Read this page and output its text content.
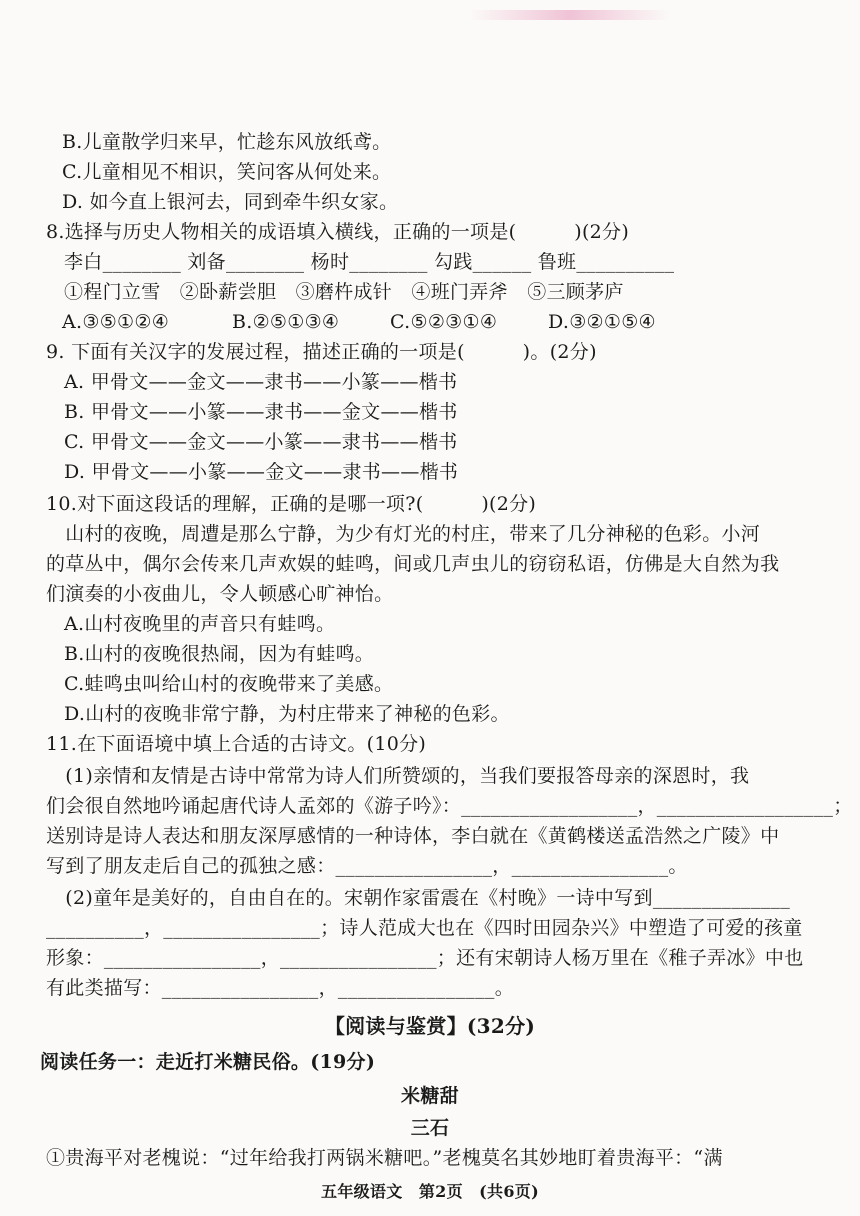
B.儿童散学归来早，忙趁东风放纸鸢。
C.儿童相见不相识，笑问客从何处来。
D. 如今直上银河去，同到牵牛织女家。
8.选择与历史人物相关的成语填入横线，正确的一项是(　　　)(2分)
李白________ 刘备________ 杨时________ 勾践______ 鲁班__________
①程门立雪　②卧薪尝胆　③磨杵成针　④班门弄斧　⑤三顾茅庐
A.③⑤①②④	B.②⑤①③④	C.⑤②③①④	D.③②①⑤④
9. 下面有关汉字的发展过程，描述正确的一项是(　　　)。(2分)
A. 甲骨文——金文——隶书——小篆——楷书
B. 甲骨文——小篆——隶书——金文——楷书
C. 甲骨文——金文——小篆——隶书——楷书
D. 甲骨文——小篆——金文——隶书——楷书
10.对下面这段话的理解，正确的是哪一项?(　　　)(2分)
　山村的夜晚，周遭是那么宁静，为少有灯光的村庄，带来了几分神秘的色彩。小河
的草丛中，偶尔会传来几声欢娱的蛙鸣，间或几声虫儿的窃窃私语，仿佛是大自然为我
们演奏的小夜曲儿，令人顿感心旷神怡。
A.山村夜晚里的声音只有蛙鸣。
B.山村的夜晚很热闹，因为有蛙鸣。
C.蛙鸣虫叫给山村的夜晚带来了美感。
D.山村的夜晚非常宁静，为村庄带来了神秘的色彩。
11.在下面语境中填上合适的古诗文。(10分)
　(1)亲情和友情是古诗中常常为诗人们所赞颂的，当我们要报答母亲的深恩时，我
们会很自然地吟诵起唐代诗人孟郊的《游子吟》：__________________，__________________；
送别诗是诗人表达和朋友深厚感情的一种诗体，李白就在《黄鹤楼送孟浩然之广陵》中
写到了朋友走后自己的孤独之感：________________，________________。
　(2)童年是美好的，自由自在的。宋朝作家雷震在《村晚》一诗中写到______________
__________，________________；诗人范成大也在《四时田园杂兴》中塑造了可爱的孩童
形象：________________，________________；还有宋朝诗人杨万里在《稚子弄冰》中也
有此类描写：________________，________________。
【阅读与鉴赏】(32分)
阅读任务一：走近打米糖民俗。(19分)
米糖甜
三石
①贵海平对老槐说：“过年给我打两锅米糖吧。”老槐莫名其妙地盯着贵海平：“满
五年级语文　第2页　(共6页)
